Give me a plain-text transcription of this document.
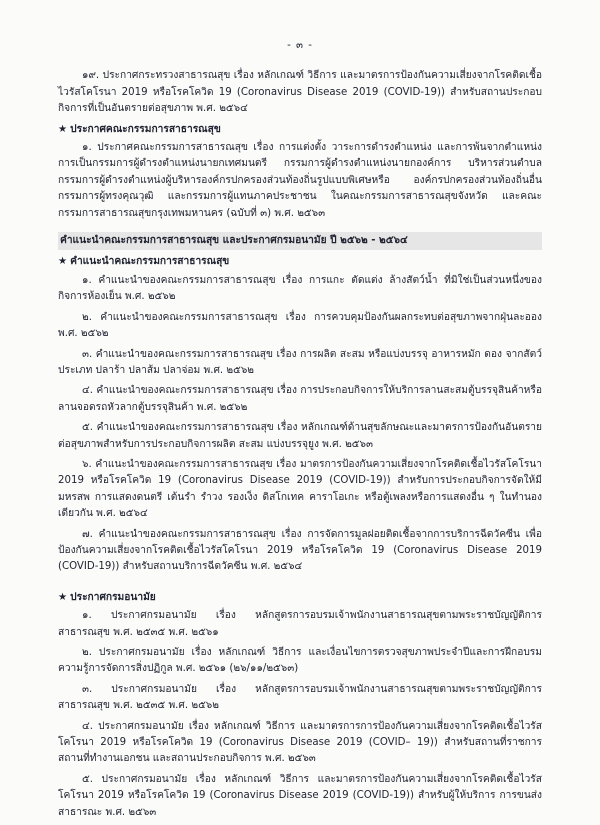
- ๓ -

๑๙. ประกาศกระทรวงสาธารณสุข เรื่อง หลักเกณฑ์ วิธีการ และมาตรการป้องกันความเสี่ยงจากโรคติดเชื้อไวรัสโคโรนา 2019 หรือโรคโควิด 19 (Coronavirus Disease 2019 (COVID-19)) สำหรับสถานประกอบกิจการที่เป็นอันตรายต่อสุขภาพ พ.ศ. ๒๕๖๔

★ ประกาศคณะกรรมการสาธารณสุข

๑. ประกาศคณะกรรมการสาธารณสุข เรื่อง การแต่งตั้ง วาระการดำรงตำแหน่ง และการพ้นจากตำแหน่ง การเป็นกรรมการผู้ดำรงตำแหน่งนายกเทศมนตรี กรรมการผู้ดำรงตำแหน่งนายกองค์การ บริหารส่วนตำบล กรรมการผู้ดำรงตำแหน่งผู้บริหารองค์กรปกครองส่วนท้องถิ่นรูปแบบพิเศษหรือ องค์กรปกครองส่วนท้องถิ่นอื่น กรรมการผู้ทรงคุณวุฒิ และกรรมการผู้แทนภาคประชาชน ในคณะกรรมการสาธารณสุขจังหวัด และคณะกรรมการสาธารณสุขกรุงเทพมหานคร (ฉบับที่ ๓) พ.ศ. ๒๕๖๓

คำแนะนำคณะกรรมการสาธารณสุข และประกาศกรมอนามัย ปี ๒๕๖๒ - ๒๕๖๔
★ คำแนะนำคณะกรรมการสาธารณสุข

๑. คำแนะนำของคณะกรรมการสาธารณสุข เรื่อง การแกะ ตัดแต่ง ล้างสัตว์น้ำ ที่มิใช่เป็นส่วนหนึ่งของกิจการห้องเย็น พ.ศ. ๒๕๖๒

๒. คำแนะนำของคณะกรรมการสาธารณสุข เรื่อง การควบคุมป้องกันผลกระทบต่อสุขภาพจากฝุ่นละออง พ.ศ. ๒๕๖๒

๓. คำแนะนำของคณะกรรมการสาธารณสุข เรื่อง การผลิต สะสม หรือแบ่งบรรจุ อาหารหมัก ดอง จากสัตว์ประเภท ปลาร้า ปลาส้ม ปลาจ่อม พ.ศ. ๒๕๖๒

๔. คำแนะนำของคณะกรรมการสาธารณสุข เรื่อง การประกอบกิจการให้บริการลานสะสมตู้บรรจุสินค้าหรือลานจอดรถหัวลากตู้บรรจุสินค้า พ.ศ. ๒๕๖๒

๕. คำแนะนำของคณะกรรมการสาธารณสุข เรื่อง หลักเกณฑ์ด้านสุขลักษณะและมาตรการป้องกันอันตรายต่อสุขภาพสำหรับการประกอบกิจการผลิต สะสม แบ่งบรรจุยูง พ.ศ. ๒๕๖๓

๖. คำแนะนำของคณะกรรมการสาธารณสุข เรื่อง มาตรการป้องกันความเสี่ยงจากโรคติดเชื้อไวรัสโคโรนา 2019 หรือโรคโควิด 19 (Coronavirus Disease 2019 (COVID-19)) สำหรับการประกอบกิจการจัดให้มีมหรสพ การแสดงดนตรี เต้นรำ รำวง รองเง็ง ดิสโกเทค คาราโอเกะ หรือตู้เพลงหรือการแสดงอื่น ๆ ในทำนองเดียวกัน พ.ศ. ๒๕๖๔

๗. คำแนะนำของคณะกรรมการสาธารณสุข เรื่อง การจัดการมูลฝอยติดเชื้อจากการบริการฉีดวัคซีน เพื่อป้องกันความเสี่ยงจากโรคติดเชื้อไวรัสโคโรนา 2019 หรือโรคโควิด 19 (Coronavirus Disease 2019 (COVID-19)) สำหรับสถานบริการฉีดวัคซีน พ.ศ. ๒๕๖๔

★ ประกาศกรมอนามัย

๑. ประกาศกรมอนามัย เรื่อง หลักสูตรการอบรมเจ้าพนักงานสาธารณสุขตามพระราชบัญญัติการสาธารณสุข พ.ศ. ๒๕๓๕ พ.ศ. ๒๕๖๑

๒. ประกาศกรมอนามัย เรื่อง หลักเกณฑ์ วิธีการ และเงื่อนไขการตรวจสุขภาพประจำปีและการฝึกอบรมความรู้การจัดการสิ่งปฏิกูล พ.ศ. ๒๕๖๑ (๒๖/๑๑/๒๕๖๓)

๓. ประกาศกรมอนามัย เรื่อง หลักสูตรการอบรมเจ้าพนักงานสาธารณสุขตามพระราชบัญญัติการสาธารณสุข พ.ศ. ๒๕๓๕ พ.ศ. ๒๕๖๒

๔. ประกาศกรมอนามัย เรื่อง หลักเกณฑ์ วิธีการ และมาตรการการป้องกันความเสี่ยงจากโรคติดเชื้อไวรัสโคโรนา 2019 หรือโรคโควิด 19 (Coronavirus Disease 2019 (COVID– 19)) สำหรับสถานที่ราชการ สถานที่ทำงานเอกชน และสถานประกอบกิจการ พ.ศ. ๒๕๖๓

๕. ประกาศกรมอนามัย เรื่อง หลักเกณฑ์ วิธีการ และมาตรการป้องกันความเสี่ยงจากโรคติดเชื้อไวรัสโคโรนา 2019 หรือโรคโควิด 19 (Coronavirus Disease 2019 (COVID-19)) สำหรับผู้ให้บริการ การขนส่งสาธารณะ พ.ศ. ๒๕๖๓
